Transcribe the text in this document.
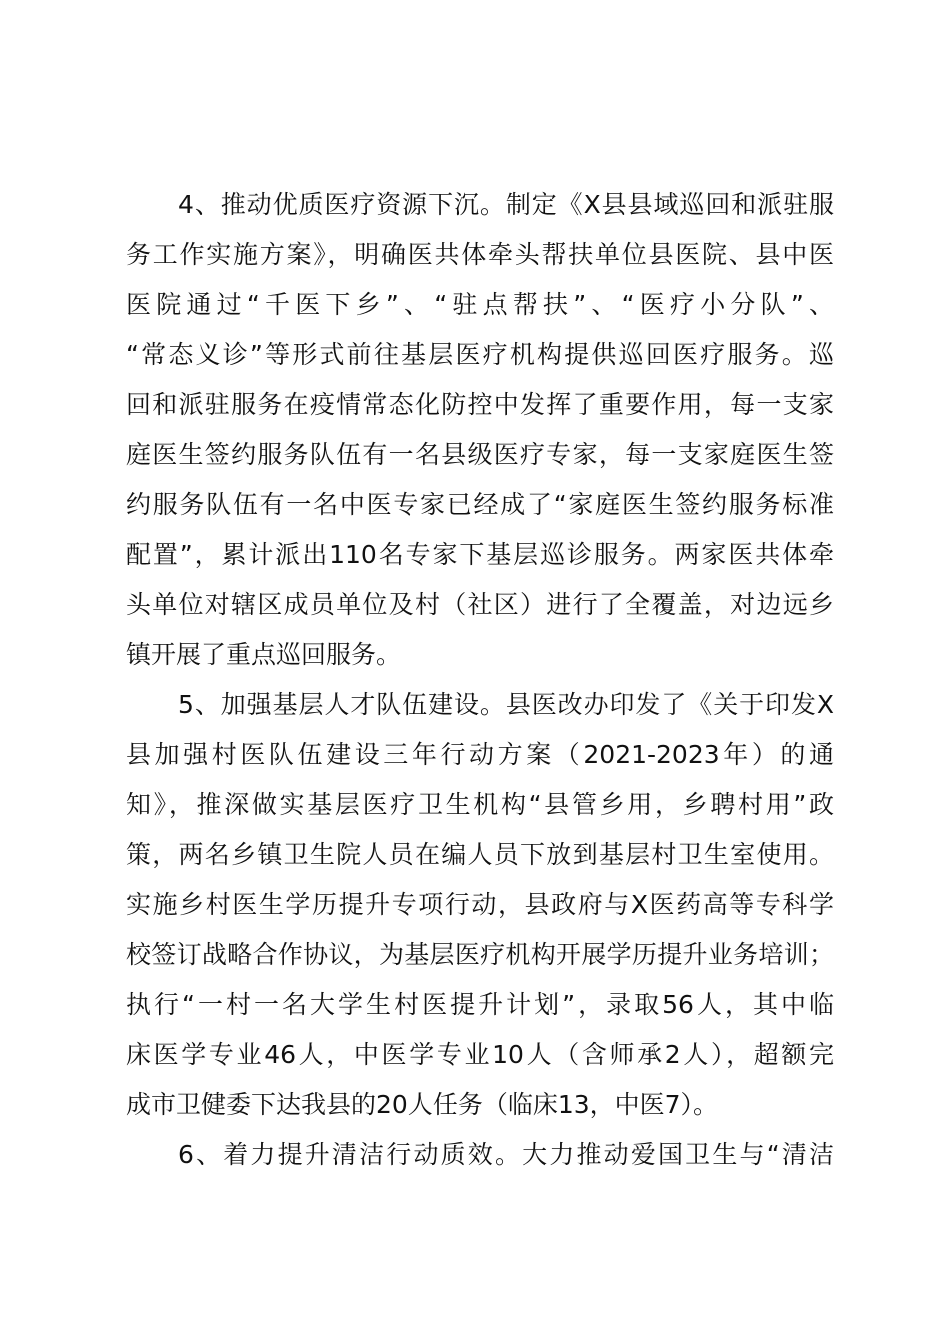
4、推动优质医疗资源下沉。制定《X县县域巡回和派驻服
务工作实施方案》，明确医共体牵头帮扶单位县医院、县中医
医院通过“千医下乡”、“驻点帮扶”、“医疗小分队”、
“常态义诊”等形式前往基层医疗机构提供巡回医疗服务。巡
回和派驻服务在疫情常态化防控中发挥了重要作用，每一支家
庭医生签约服务队伍有一名县级医疗专家，每一支家庭医生签
约服务队伍有一名中医专家已经成了“家庭医生签约服务标准
配置”，累计派出110名专家下基层巡诊服务。两家医共体牵
头单位对辖区成员单位及村（社区）进行了全覆盖，对边远乡
镇开展了重点巡回服务。
5、加强基层人才队伍建设。县医改办印发了《关于印发X
县加强村医队伍建设三年行动方案（2021-2023年）的通
知》，推深做实基层医疗卫生机构“县管乡用，乡聘村用”政
策，两名乡镇卫生院人员在编人员下放到基层村卫生室使用。
实施乡村医生学历提升专项行动，县政府与X医药高等专科学
校签订战略合作协议，为基层医疗机构开展学历提升业务培训；
执行“一村一名大学生村医提升计划”，录取56人，其中临
床医学专业46人，中医学专业10人（含师承2人），超额完
成市卫健委下达我县的20人任务（临床13，中医7）。
6、着力提升清洁行动质效。大力推动爱国卫生与“清洁
